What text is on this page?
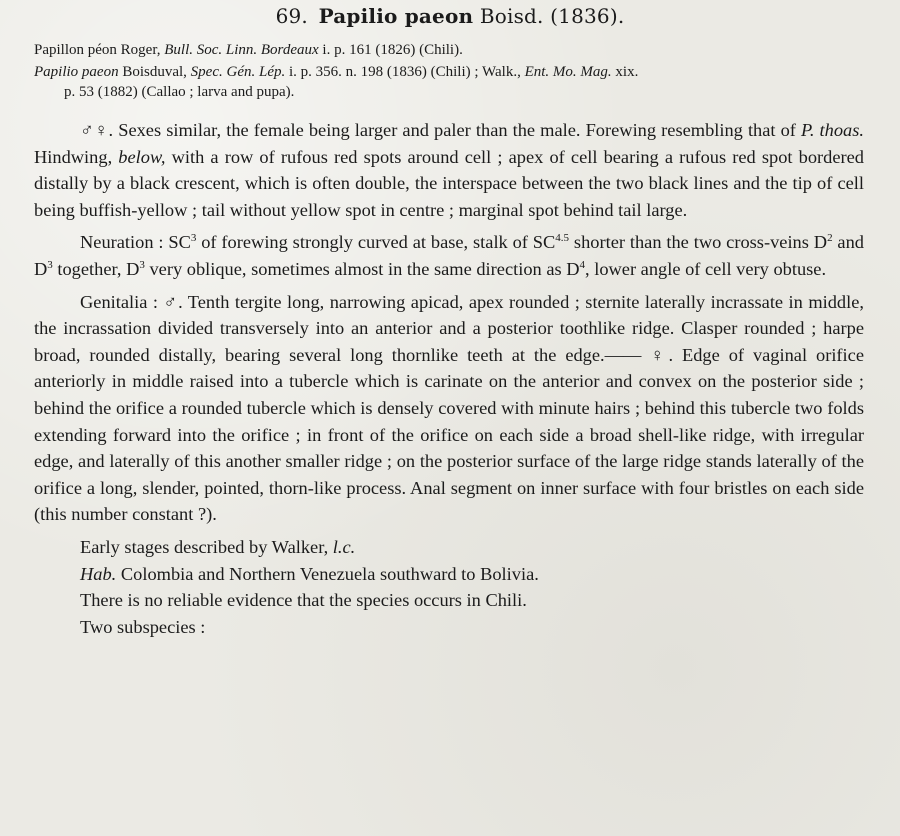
69. Papilio paeon Boisd. (1836).
Papillon péon Roger, Bull. Soc. Linn. Bordeaux i. p. 161 (1826) (Chili).
Papilio paeon Boisduval, Spec. Gén. Lép. i. p. 356. n. 198 (1836) (Chili) ; Walk., Ent. Mo. Mag. xix.
p. 53 (1882) (Callao ; larva and pupa).

♂♀. Sexes similar, the female being larger and paler than the male. Forewing resembling that of P. thoas. Hindwing, below, with a row of rufous red spots around cell ; apex of cell bearing a rufous red spot bordered distally by a black crescent, which is often double, the interspace between the two black lines and the tip of cell being buffish-yellow ; tail without yellow spot in centre ; marginal spot behind tail large.

Neuration : $SC^3$ of forewing strongly curved at base, stalk of $SC^{4.5}$ shorter than the two cross-veins $D^2$ and $D^3$ together, $D^3$ very oblique, sometimes almost in the same direction as $D^4$, lower angle of cell very obtuse.

Genitalia : ♂. Tenth tergite long, narrowing apicad, apex rounded ; sternite laterally incrassate in middle, the incrassation divided transversely into an anterior and a posterior toothlike ridge. Clasper rounded ; harpe broad, rounded distally, bearing several long thornlike teeth at the edge.—— ♀. Edge of vaginal orifice anteriorly in middle raised into a tubercle which is carinate on the anterior and convex on the posterior side ; behind the orifice a rounded tubercle which is densely covered with minute hairs ; behind this tubercle two folds extending forward into the orifice ; in front of the orifice on each side a broad shell-like ridge, with irregular edge, and laterally of this another smaller ridge ; on the posterior surface of the large ridge stands laterally of the orifice a long, slender, pointed, thorn-like process. Anal segment on inner surface with four bristles on each side (this number constant ?).

Early stages described by Walker, l.c.

Hab. Colombia and Northern Venezuela southward to Bolivia.

There is no reliable evidence that the species occurs in Chili.

Two subspecies :
